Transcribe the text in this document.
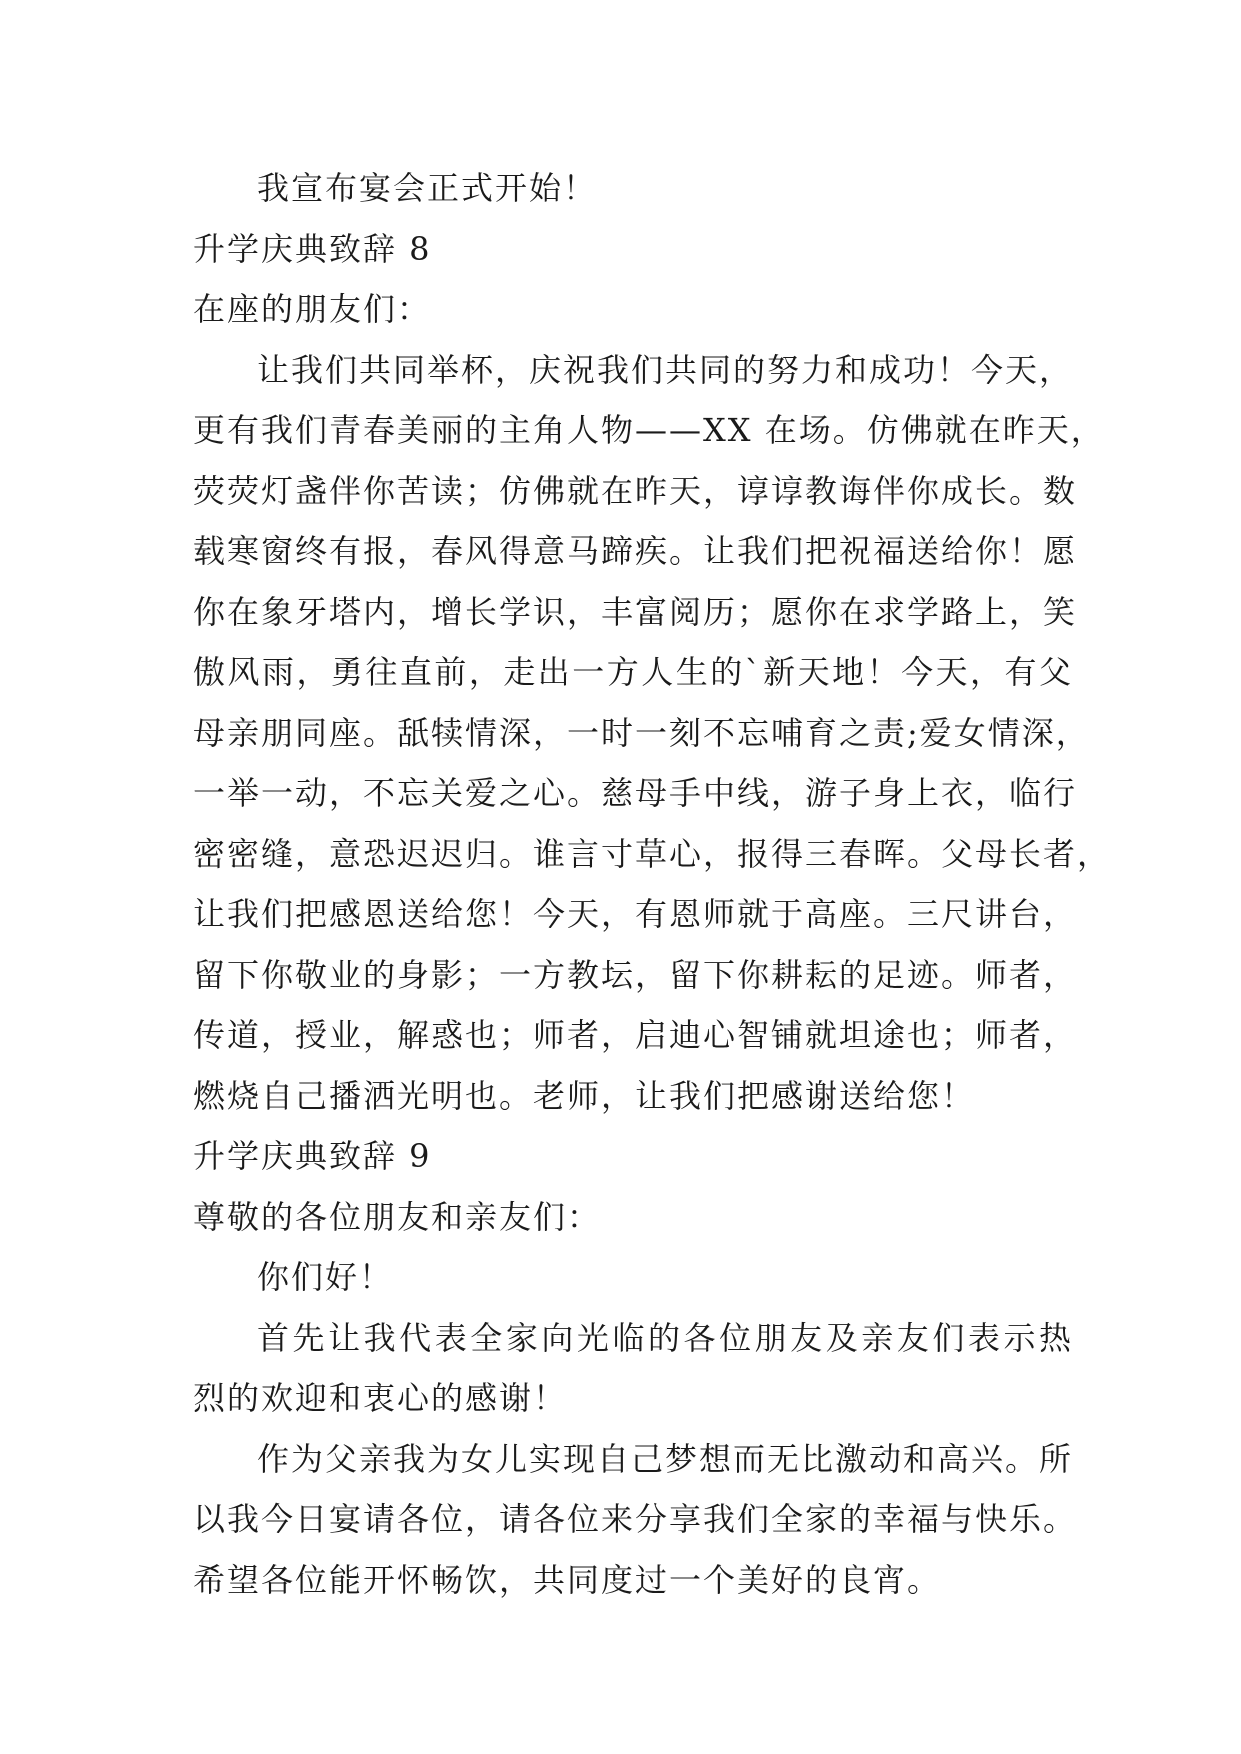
我宣布宴会正式开始！

升学庆典致辞 8

在座的朋友们：

让我们共同举杯，庆祝我们共同的努力和成功！今天，
更有我们青春美丽的主角人物——XX 在场。仿佛就在昨天，
荧荧灯盏伴你苦读；仿佛就在昨天，谆谆教诲伴你成长。数
载寒窗终有报，春风得意马蹄疾。让我们把祝福送给你！愿
你在象牙塔内，增长学识，丰富阅历；愿你在求学路上，笑
傲风雨，勇往直前，走出一方人生的`新天地！今天，有父
母亲朋同座。舐犊情深，一时一刻不忘哺育之责;爱女情深，
一举一动，不忘关爱之心。慈母手中线，游子身上衣，临行
密密缝，意恐迟迟归。谁言寸草心，报得三春晖。父母长者，
让我们把感恩送给您！今天，有恩师就于高座。三尺讲台，
留下你敬业的身影；一方教坛，留下你耕耘的足迹。师者，
传道，授业，解惑也；师者，启迪心智铺就坦途也；师者，
燃烧自己播洒光明也。老师，让我们把感谢送给您！

升学庆典致辞 9

尊敬的各位朋友和亲友们：

你们好！

首先让我代表全家向光临的各位朋友及亲友们表示热
烈的欢迎和衷心的感谢！
作为父亲我为女儿实现自己梦想而无比激动和高兴。所
以我今日宴请各位，请各位来分享我们全家的幸福与快乐。
希望各位能开怀畅饮，共同度过一个美好的良宵。
